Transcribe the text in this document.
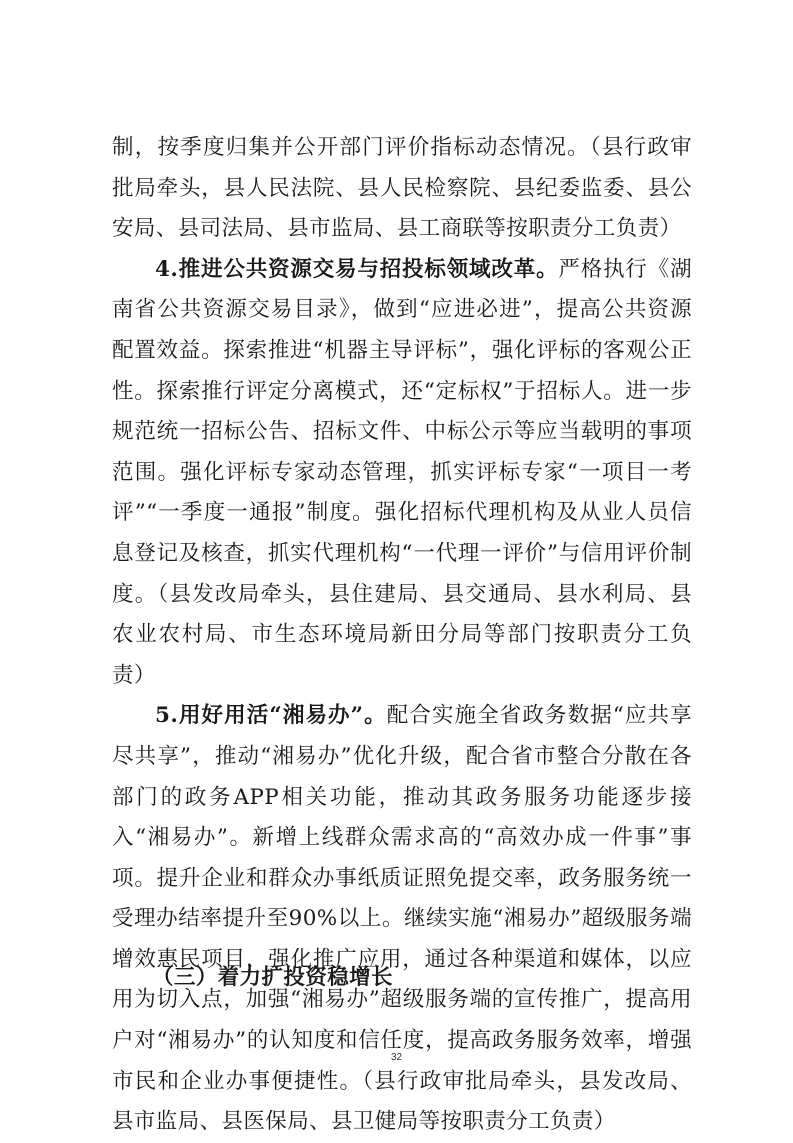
制，按季度归集并公开部门评价指标动态情况。（县行政审批局牵头，县人民法院、县人民检察院、县纪委监委、县公安局、县司法局、县市监局、县工商联等按职责分工负责）

4.推进公共资源交易与招投标领域改革。严格执行《湖南省公共资源交易目录》，做到“应进必进”，提高公共资源配置效益。探索推进“机器主导评标”，强化评标的客观公正性。探索推行评定分离模式，还“定标权”于招标人。进一步规范统一招标公告、招标文件、中标公示等应当载明的事项范围。强化评标专家动态管理，抓实评标专家“一项目一考评”“一季度一通报”制度。强化招标代理机构及从业人员信息登记及核查，抓实代理机构“一代理一评价”与信用评价制度。（县发改局牵头，县住建局、县交通局、县水利局、县农业农村局、市生态环境局新田分局等部门按职责分工负责）

5.用好用活“湘易办”。配合实施全省政务数据“应共享尽共享”，推动“湘易办”优化升级，配合省市整合分散在各部门的政务APP相关功能，推动其政务服务功能逐步接入“湘易办”。新增上线群众需求高的“高效办成一件事”事项。提升企业和群众办事纸质证照免提交率，政务服务统一受理办结率提升至90%以上。继续实施“湘易办”超级服务端增效惠民项目，强化推广应用，通过各种渠道和媒体，以应用为切入点，加强“湘易办”超级服务端的宣传推广，提高用户对“湘易办”的认知度和信任度，提高政务服务效率，增强市民和企业办事便捷性。（县行政审批局牵头，县发改局、县市监局、县医保局、县卫健局等按职责分工负责）

（三）着力扩投资稳增长
32
